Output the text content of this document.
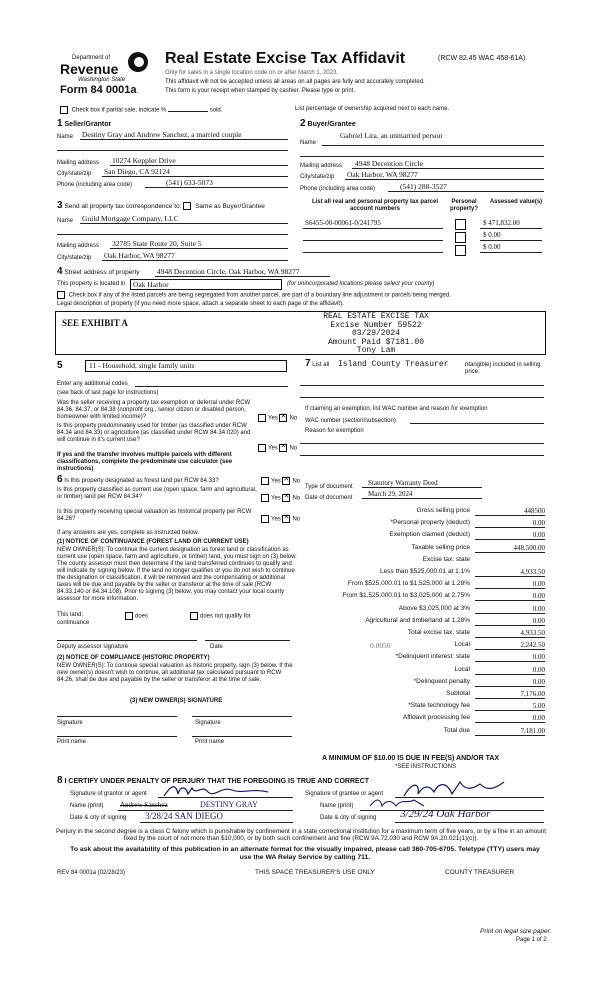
Department of
Revenue
Washington State
Form 84 0001a
Real Estate Excise Tax Affidavit	(RCW 82.45 WAC 458-61A)
Only for sales in a single location code on or after March 1, 2023.
This affidavit will not be accepted unless all areas on all pages are fully and accurately completed.
This form is your receipt when stamped by cashier. Please type or print.
Check box if partial sale, indicate %	sold.	List percentage of ownership acquired next to each name.
1 Seller/Grantor
Name Destiny Gray and Andrew Sanchez, a married couple
Mailing address 10274 Keppler Drive
City/state/zip San Diego, CA 92124
Phone (including area code)	(541) 633-5073
2 Buyer/Grantee
Gabriel Lira, an unmarried person
Name
Mailing address 4948 Decention Circle
City/state/zip Oak Harbor, WA 98277
Phone (including area code)	(541) 288-3527
3 Send all property tax correspondence to: Same as Buyer/Grantee
Name Guild Mortgage Company, LLC
Mailing address 32785 State Route 20, Suite 5
City/state/zip Oak Harbor, WA 98277
List all real and personal property tax parcel account numbers
Personal property?
Assessed value(s)
S6455-00-00061-0/241795	$ 471,832.00
$ 0.00
$ 0.00
4 Street address of property 4948 Decention Circle, Oak Harbor, WA 98277
This property is located in Oak Harbor	(for unincorporated locations please select your county)
Check box if any of the listed parcels are being segregated from another parcel, are part of a boundary line adjustment or parcels being merged.
Legal description of property (if you need more space, attach a separate sheet to each page of the affidavit).
SEE EXHIBIT A
REAL ESTATE EXCISE TAX
Excise Number 59522
03/29/2024
Amount Paid $7181.00
Tony Lam
5	11 - Household, single family units
Enter any additional codes
(see back of last page for instructions)
Was the seller receiving a property tax exemption or deferral under RCW 84.36, 84.37, or 84.38 (nonprofit org., senior citizen or disabled person, homeowner with limited income)?	Yes ✕ No
Is this property predominately used for timber (as classified under RCW 84.34 and 84.33) or agriculture (as classified under RCW 84.34.020) and will continue in it's current use?
If yes and the transfer involves multiple parcels with different classifications, complete the predominate use calculator (see instructions)
Yes ✕ No
7 List all Island County Treasurer	ntangible) included in selling price.
If claiming an exemption, list WAC number and reason for exemption
WAC number (section/subsection)
Reason for exemption
6 Is this property designated as forest land per RCW 84.33?	Yes ✕ No
Is this property classified as current use (open space, farm and agricultural, or timber) land per RCW 84.34?	Yes ✕ No
Is this property receiving special valuation as historical property per RCW 84.26?	Yes ✕ No
If any answers are yes, complete as instructed below.
(1) NOTICE OF CONTINUANCE (FOREST LAND OR CURRENT USE)
NEW OWNER(S): To continue the current designation as forest land or classification as current use (open space, farm and agriculture, or timber) land, you must sign on (3) below. The county assessor must then determine if the land transferred continues to qualify and will indicate by signing below. If the land no longer qualifies or you do not wish to continue the designation or classification, it will be removed and the compensating or additional taxes will be due and payable by the seller or transferor at the time of sale (RCW 84.33.140 or 84.34.108). Prior to signing (3) below, you may contact your local county assessor for more information.
This land:
continuance
does	does not qualify for
Deputy assessor signature	Date
(2) NOTICE OF COMPLIANCE (HISTORIC PROPERTY)
NEW OWNER(S): To continue special valuation as historic property, sign (3) below. If the new owner(s) doesn't wish to continue, all additional tax calculated pursuant to RCW 84.26, shall be due and payable by the seller or transferor at the time of sale.
(3) NEW OWNER(S) SIGNATURE
Signature	Signature
Print name	Print name
Type of document Statutory Warranty Deed
Date of document March 29, 2024
Gross selling price	448500
*Personal property (deduct)	0.00
Exemption claimed (deduct)	0.00
Taxable selling price	448,500.00
Excise tax: state
Less than $525,000.01 at 1.1%	4,933.50
From $525,000.01 to $1,525,000 at 1.28%	0.00
From $1,525,000.01 to $3,025,000 at 2.75%	0.00
Above $3,025,000 at 3%	0.00
Agricultural and timberland at 1.28%	0.00
Total excise tax: state	4,933.50
Local	2,242.50
*Delinquent interest: state	0.00
Local	0.00
*Delinquent penalty	0.00
Subtotal	7,176.00
*State technology fee	5.00
Affidavit processing fee	0.00
Total due	7,181.00
0.0050
A MINIMUM OF $10.00 IS DUE IN FEE(S) AND/OR TAX
*SEE INSTRUCTIONS
8 I CERTIFY UNDER PENALTY OF PERJURY THAT THE FOREGOING IS TRUE AND CORRECT
Signature of grantor or agent
Name (print) Andrew Sanchez	DESTINY GRAY
Date & city of signing 3/28/24 SAN DIEGO
Signature of grantee or agent
Name (print)
Date & city of signing 3/29/24 Oak Harbor
Perjury in the second degree is a class C felony which is punishable by confinement in a state correctional institution for a maximum term of five years, or by a fine in an amount fixed by the court of not more than $10,000, or by both such confinement and fine (RCW 9A.72.030 and RCW 9A.20.021(1)(c)).
To ask about the availability of this publication in an alternate format for the visually impaired, please call 360-705-6705. Teletype (TTY) users may use the WA Relay Service by calling 711.
REV 84 0001a (02/28/23)	THIS SPACE TREASURER'S USE ONLY	COUNTY TREASURER
Print on legal size paper.
Page 1 of 2
